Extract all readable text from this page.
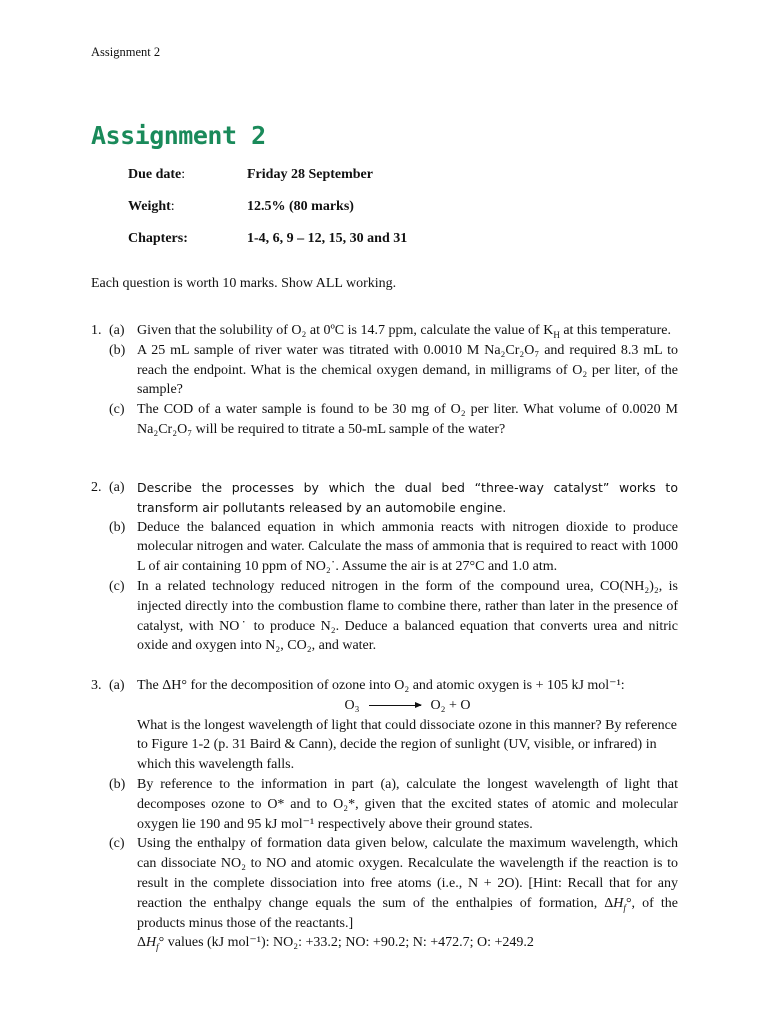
Assignment 2
Assignment 2
Due date:	Friday 28 September
Weight:	12.5% (80 marks)
Chapters:	1-4, 6, 9 – 12, 15, 30 and 31
Each question is worth 10 marks. Show ALL working.
1. (a) Given that the solubility of O₂ at 0ºC is 14.7 ppm, calculate the value of $K_H$ at this temperature.
(b) A 25 mL sample of river water was titrated with 0.0010 M Na₂Cr₂O₇ and required 8.3 mL to reach the endpoint. What is the chemical oxygen demand, in milligrams of O₂ per liter, of the sample?
(c) The COD of a water sample is found to be 30 mg of O₂ per liter. What volume of 0.0020 M Na₂Cr₂O₇ will be required to titrate a 50-mL sample of the water?
2. (a) Describe the processes by which the dual bed “three-way catalyst” works to transform air pollutants released by an automobile engine.
(b) Deduce the balanced equation in which ammonia reacts with nitrogen dioxide to produce molecular nitrogen and water. Calculate the mass of ammonia that is required to react with 1000 L of air containing 10 ppm of NO₂˙. Assume the air is at 27°C and 1.0 atm.
(c) In a related technology reduced nitrogen in the form of the compound urea, CO(NH₂)₂, is injected directly into the combustion flame to combine there, rather than later in the presence of catalyst, with NO˙ to produce N₂. Deduce a balanced equation that converts urea and nitric oxide and oxygen into N₂, CO₂, and water.
3. (a) The ΔH° for the decomposition of ozone into O₂ and atomic oxygen is + 105 kJ mol⁻¹:
O₃ → O₂ + O
What is the longest wavelength of light that could dissociate ozone in this manner? By reference to Figure 1-2 (p. 31 Baird & Cann), decide the region of sunlight (UV, visible, or infrared) in which this wavelength falls.
(b) By reference to the information in part (a), calculate the longest wavelength of light that decomposes ozone to O* and to O₂*, given that the excited states of atomic and molecular oxygen lie 190 and 95 kJ mol⁻¹ respectively above their ground states.
(c) Using the enthalpy of formation data given below, calculate the maximum wavelength, which can dissociate NO₂ to NO and atomic oxygen. Recalculate the wavelength if the reaction is to result in the complete dissociation into free atoms (i.e., N + 2O). [Hint: Recall that for any reaction the enthalpy change equals the sum of the enthalpies of formation, $\Delta H_f^\circ$, of the products minus those of the reactants.]
$\Delta H_f^\circ$ values (kJ mol⁻¹): NO₂: +33.2; NO: +90.2; N: +472.7; O: +249.2
